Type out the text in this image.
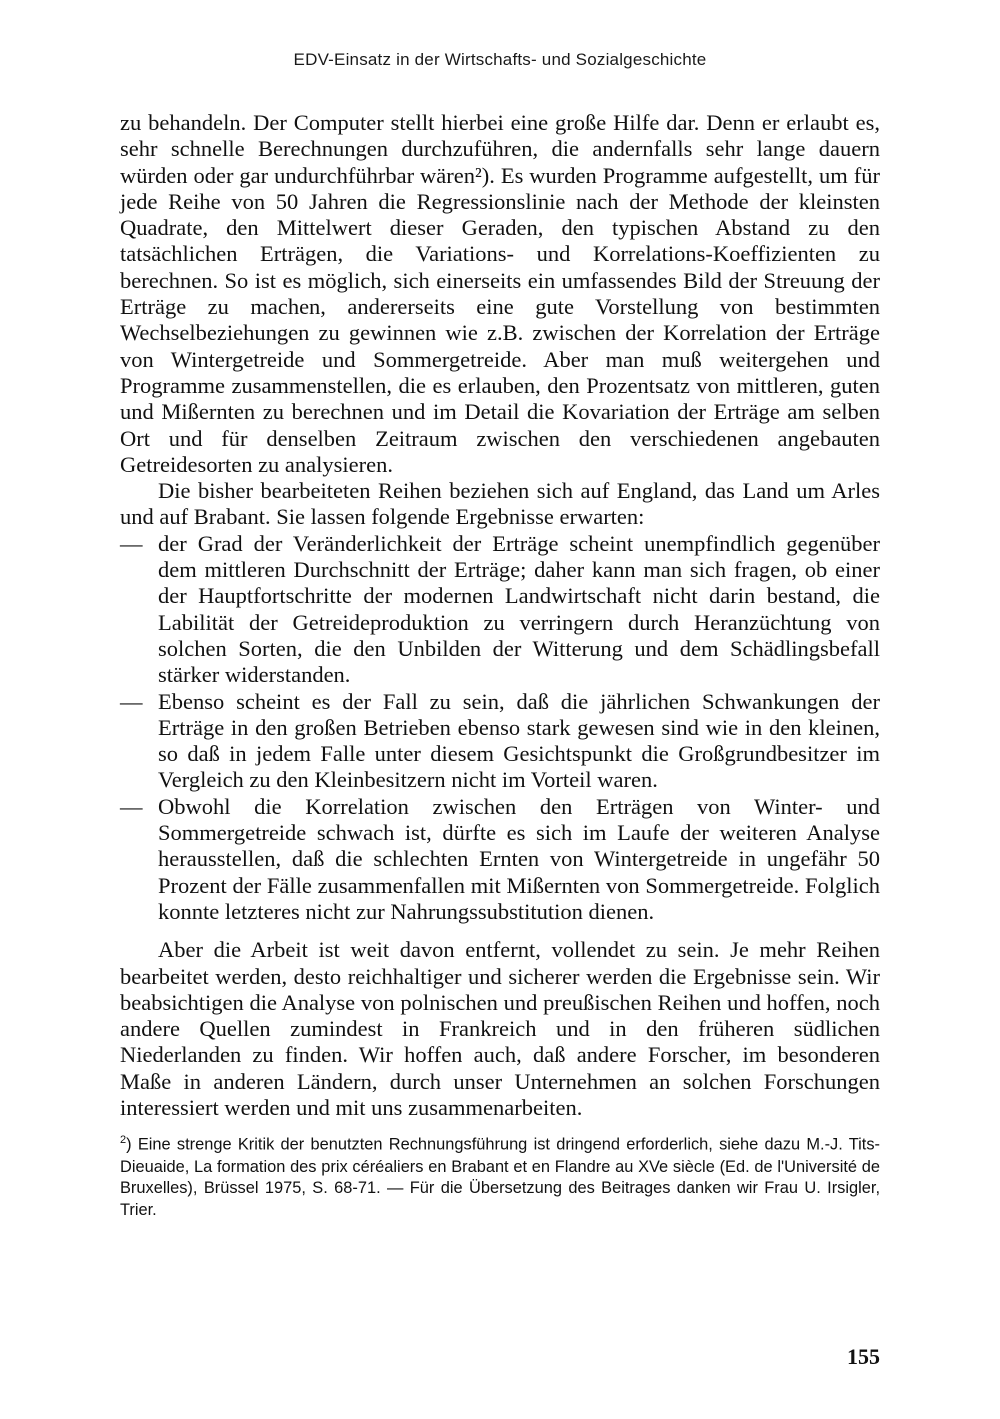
EDV-Einsatz in der Wirtschafts- und Sozialgeschichte

zu behandeln. Der Computer stellt hierbei eine große Hilfe dar. Denn er erlaubt es, sehr schnelle Berechnungen durchzuführen, die andernfalls sehr lange dauern würden oder gar undurchführbar wären²). Es wurden Programme aufgestellt, um für jede Reihe von 50 Jahren die Regressionslinie nach der Methode der kleinsten Quadrate, den Mittelwert dieser Geraden, den typischen Abstand zu den tatsächlichen Erträgen, die Variations- und Korrelations-Koeffizienten zu berechnen. So ist es möglich, sich einerseits ein umfassendes Bild der Streuung der Erträge zu machen, andererseits eine gute Vorstellung von bestimmten Wechselbeziehungen zu gewinnen wie z.B. zwischen der Korrelation der Erträge von Wintergetreide und Sommergetreide. Aber man muß weitergehen und Programme zusammenstellen, die es erlauben, den Prozentsatz von mittleren, guten und Mißernten zu berechnen und im Detail die Kovariation der Erträge am selben Ort und für denselben Zeitraum zwischen den verschiedenen angebauten Getreidesorten zu analysieren.

Die bisher bearbeiteten Reihen beziehen sich auf England, das Land um Arles und auf Brabant. Sie lassen folgende Ergebnisse erwarten:

— der Grad der Veränderlichkeit der Erträge scheint unempfindlich gegenüber dem mittleren Durchschnitt der Erträge; daher kann man sich fragen, ob einer der Hauptfortschritte der modernen Landwirtschaft nicht darin bestand, die Labilität der Getreideproduktion zu verringern durch Heranzüchtung von solchen Sorten, die den Unbilden der Witterung und dem Schädlingsbefall stärker widerstanden.
— Ebenso scheint es der Fall zu sein, daß die jährlichen Schwankungen der Erträge in den großen Betrieben ebenso stark gewesen sind wie in den kleinen, so daß in jedem Falle unter diesem Gesichtspunkt die Großgrundbesitzer im Vergleich zu den Kleinbesitzern nicht im Vorteil waren.
— Obwohl die Korrelation zwischen den Erträgen von Winter- und Sommergetreide schwach ist, dürfte es sich im Laufe der weiteren Analyse herausstellen, daß die schlechten Ernten von Wintergetreide in ungefähr 50 Prozent der Fälle zusammenfallen mit Mißernten von Sommergetreide. Folglich konnte letzteres nicht zur Nahrungssubstitution dienen.

Aber die Arbeit ist weit davon entfernt, vollendet zu sein. Je mehr Reihen bearbeitet werden, desto reichhaltiger und sicherer werden die Ergebnisse sein. Wir beabsichtigen die Analyse von polnischen und preußischen Reihen und hoffen, noch andere Quellen zumindest in Frankreich und in den früheren südlichen Niederlanden zu finden. Wir hoffen auch, daß andere Forscher, im besonderen Maße in anderen Ländern, durch unser Unternehmen an solchen Forschungen interessiert werden und mit uns zusammenarbeiten.

$^2$) Eine strenge Kritik der benutzten Rechnungsführung ist dringend erforderlich, siehe dazu M.-J. Tits-Dieuaide, La formation des prix céréaliers en Brabant et en Flandre au XVe siècle (Ed. de l'Université de Bruxelles), Brüssel 1975, S. 68-71. — Für die Übersetzung des Beitrages danken wir Frau U. Irsigler, Trier.
155
